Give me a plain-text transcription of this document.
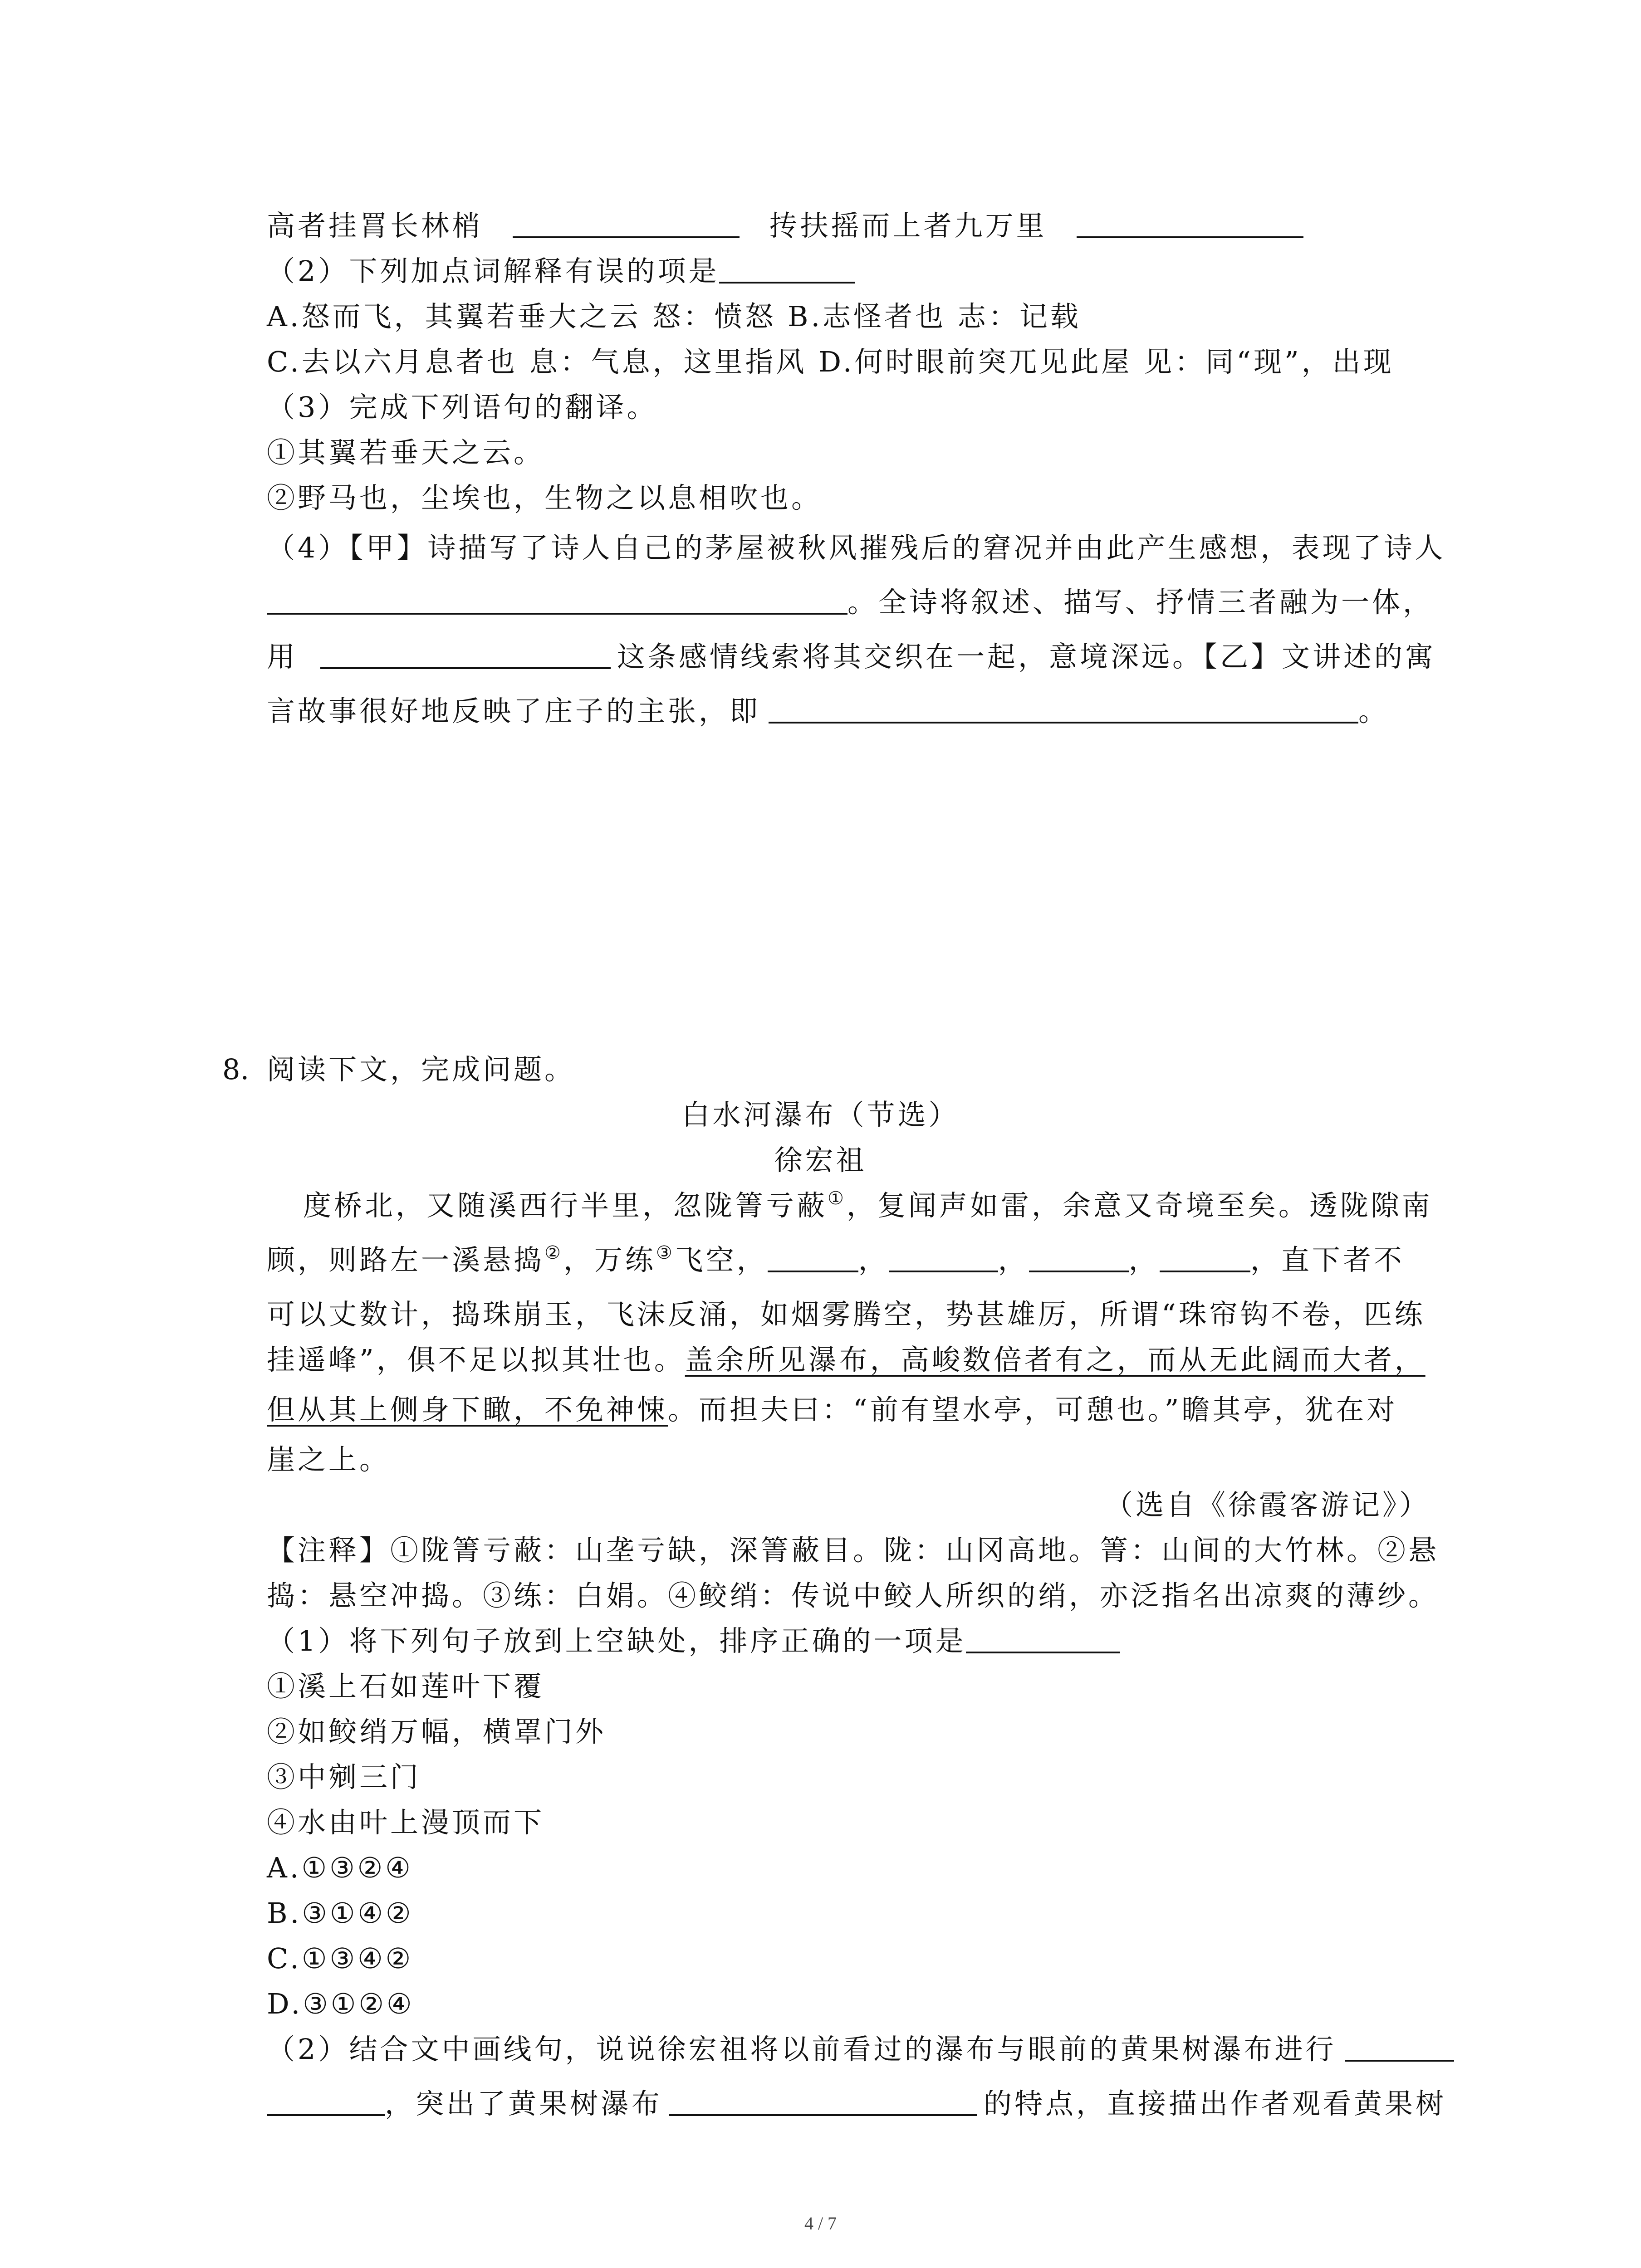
高者挂罥长林梢	抟扶摇而上者九万里
（2）下列加点词解释有误的项是
A.怒而飞，其翼若垂大之云 怒：愤怒 B.志怪者也 志：记载
C.去以六月息者也 息：气息，这里指风 D.何时眼前突兀见此屋 见：同“现”，出现
（3）完成下列语句的翻译。
①其翼若垂天之云。
②野马也，尘埃也，生物之以息相吹也。
（4）【甲】诗描写了诗人自己的茅屋被秋风摧残后的窘况并由此产生感想，表现了诗人
。全诗将叙述、描写、抒情三者融为一体，
用	这条感情线索将其交织在一起，意境深远。【乙】文讲述的寓
言故事很好地反映了庄子的主张，即	。
8. 阅读下文，完成问题。
白水河瀑布（节选）
徐宏祖
度桥北，又随溪西行半里，忽陇箐亏蔽①，复闻声如雷，余意又奇境至矣。透陇隙南
顾，则路左一溪悬捣②，万练③飞空，	，	，	，	，直下者不
可以丈数计，捣珠崩玉，飞沫反涌，如烟雾腾空，势甚雄厉，所谓“珠帘钩不卷，匹练
挂遥峰”，俱不足以拟其壮也。盖余所见瀑布，高峻数倍者有之，而从无此阔而大者，
但从其上侧身下瞰，不免神悚。而担夫曰：“前有望水亭，可憩也。”瞻其亭，犹在对
崖之上。
（选自《徐霞客游记》）
【注释】①陇箐亏蔽：山垄亏缺，深箐蔽目。陇：山冈高地。箐：山间的大竹林。②悬
捣：悬空冲捣。③练：白娟。④鲛绡：传说中鲛人所织的绡，亦泛指名出凉爽的薄纱。
（1）将下列句子放到上空缺处，排序正确的一项是
①溪上石如莲叶下覆
②如鲛绡万幅，横罩门外
③中剜三门
④水由叶上漫顶而下
A.①③②④
B.③①④②
C.①③④②
D.③①②④
（2）结合文中画线句，说说徐宏祖将以前看过的瀑布与眼前的黄果树瀑布进行
，突出了黄果树瀑布	的特点，直接描出作者观看黄果树
4 / 7
